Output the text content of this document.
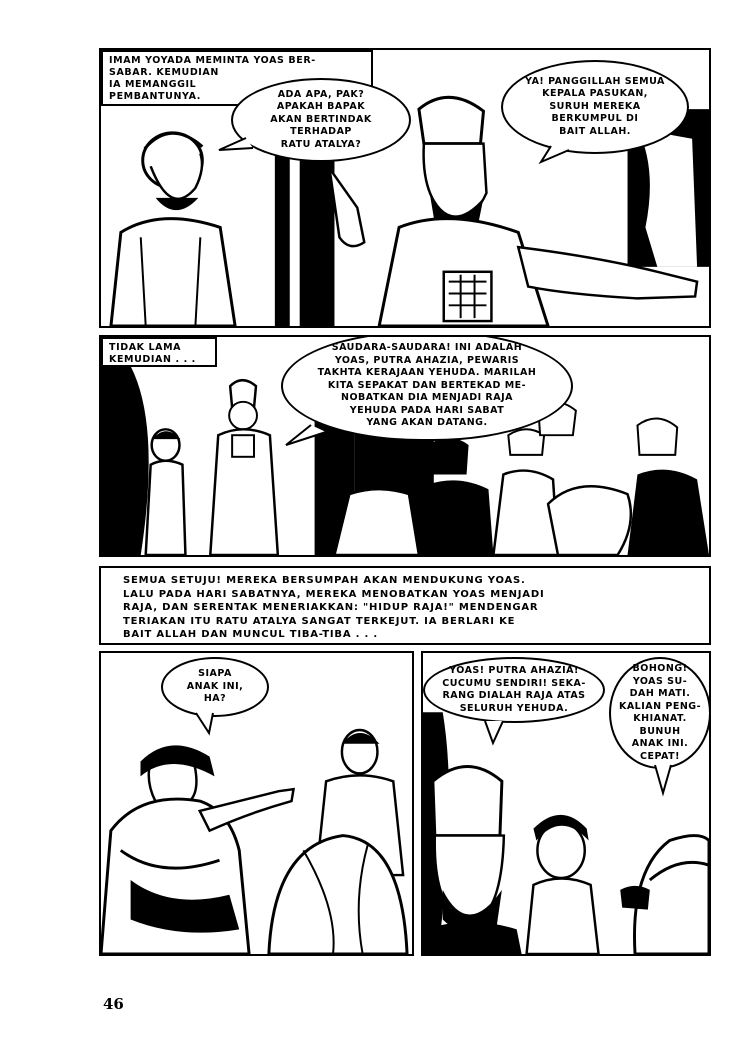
IMAM YOYADA MEMINTA YOAS BER-
SABAR. KEMUDIAN
IA MEMANGGIL
PEMBANTUNYA.	ADA APA, PAK?
APAKAH BAPAK
AKAN BERTINDAK
TERHADAP
RATU ATALYA?
YA! PANGGILLAH SEMUA
KEPALA PASUKAN,
SURUH MEREKA
BERKUMPUL DI
BAIT ALLAH.
TIDAK LAMA
KEMUDIAN . . .
SAUDARA-SAUDARA! INI ADALAH
YOAS, PUTRA AHAZIA, PEWARIS
TAKHTA KERAJAAN YEHUDA. MARILAH
KITA SEPAKAT DAN BERTEKAD ME-
NOBATKAN DIA MENJADI RAJA
YEHUDA PADA HARI SABAT
YANG AKAN DATANG.
SEMUA SETUJU! MEREKA BERSUMPAH AKAN MENDUKUNG YOAS.
LALU PADA HARI SABATNYA, MEREKA MENOBATKAN YOAS MENJADI
RAJA, DAN SERENTAK MENERIAKKAN: "HIDUP RAJA!" MENDENGAR
TERIAKAN ITU RATU ATALYA SANGAT TERKEJUT. IA BERLARI KE
BAIT ALLAH DAN MUNCUL TIBA-TIBA . . .
SIAPA
ANAK INI,
HA?
YOAS! PUTRA AHAZIA!
CUCUMU SENDIRI! SEKA-
RANG DIALAH RAJA ATAS
SELURUH YEHUDA.
BOHONG!
YOAS SU-
DAH MATI.
KALIAN PENG-
KHIANAT. BUNUH
ANAK INI.
CEPAT!
46
